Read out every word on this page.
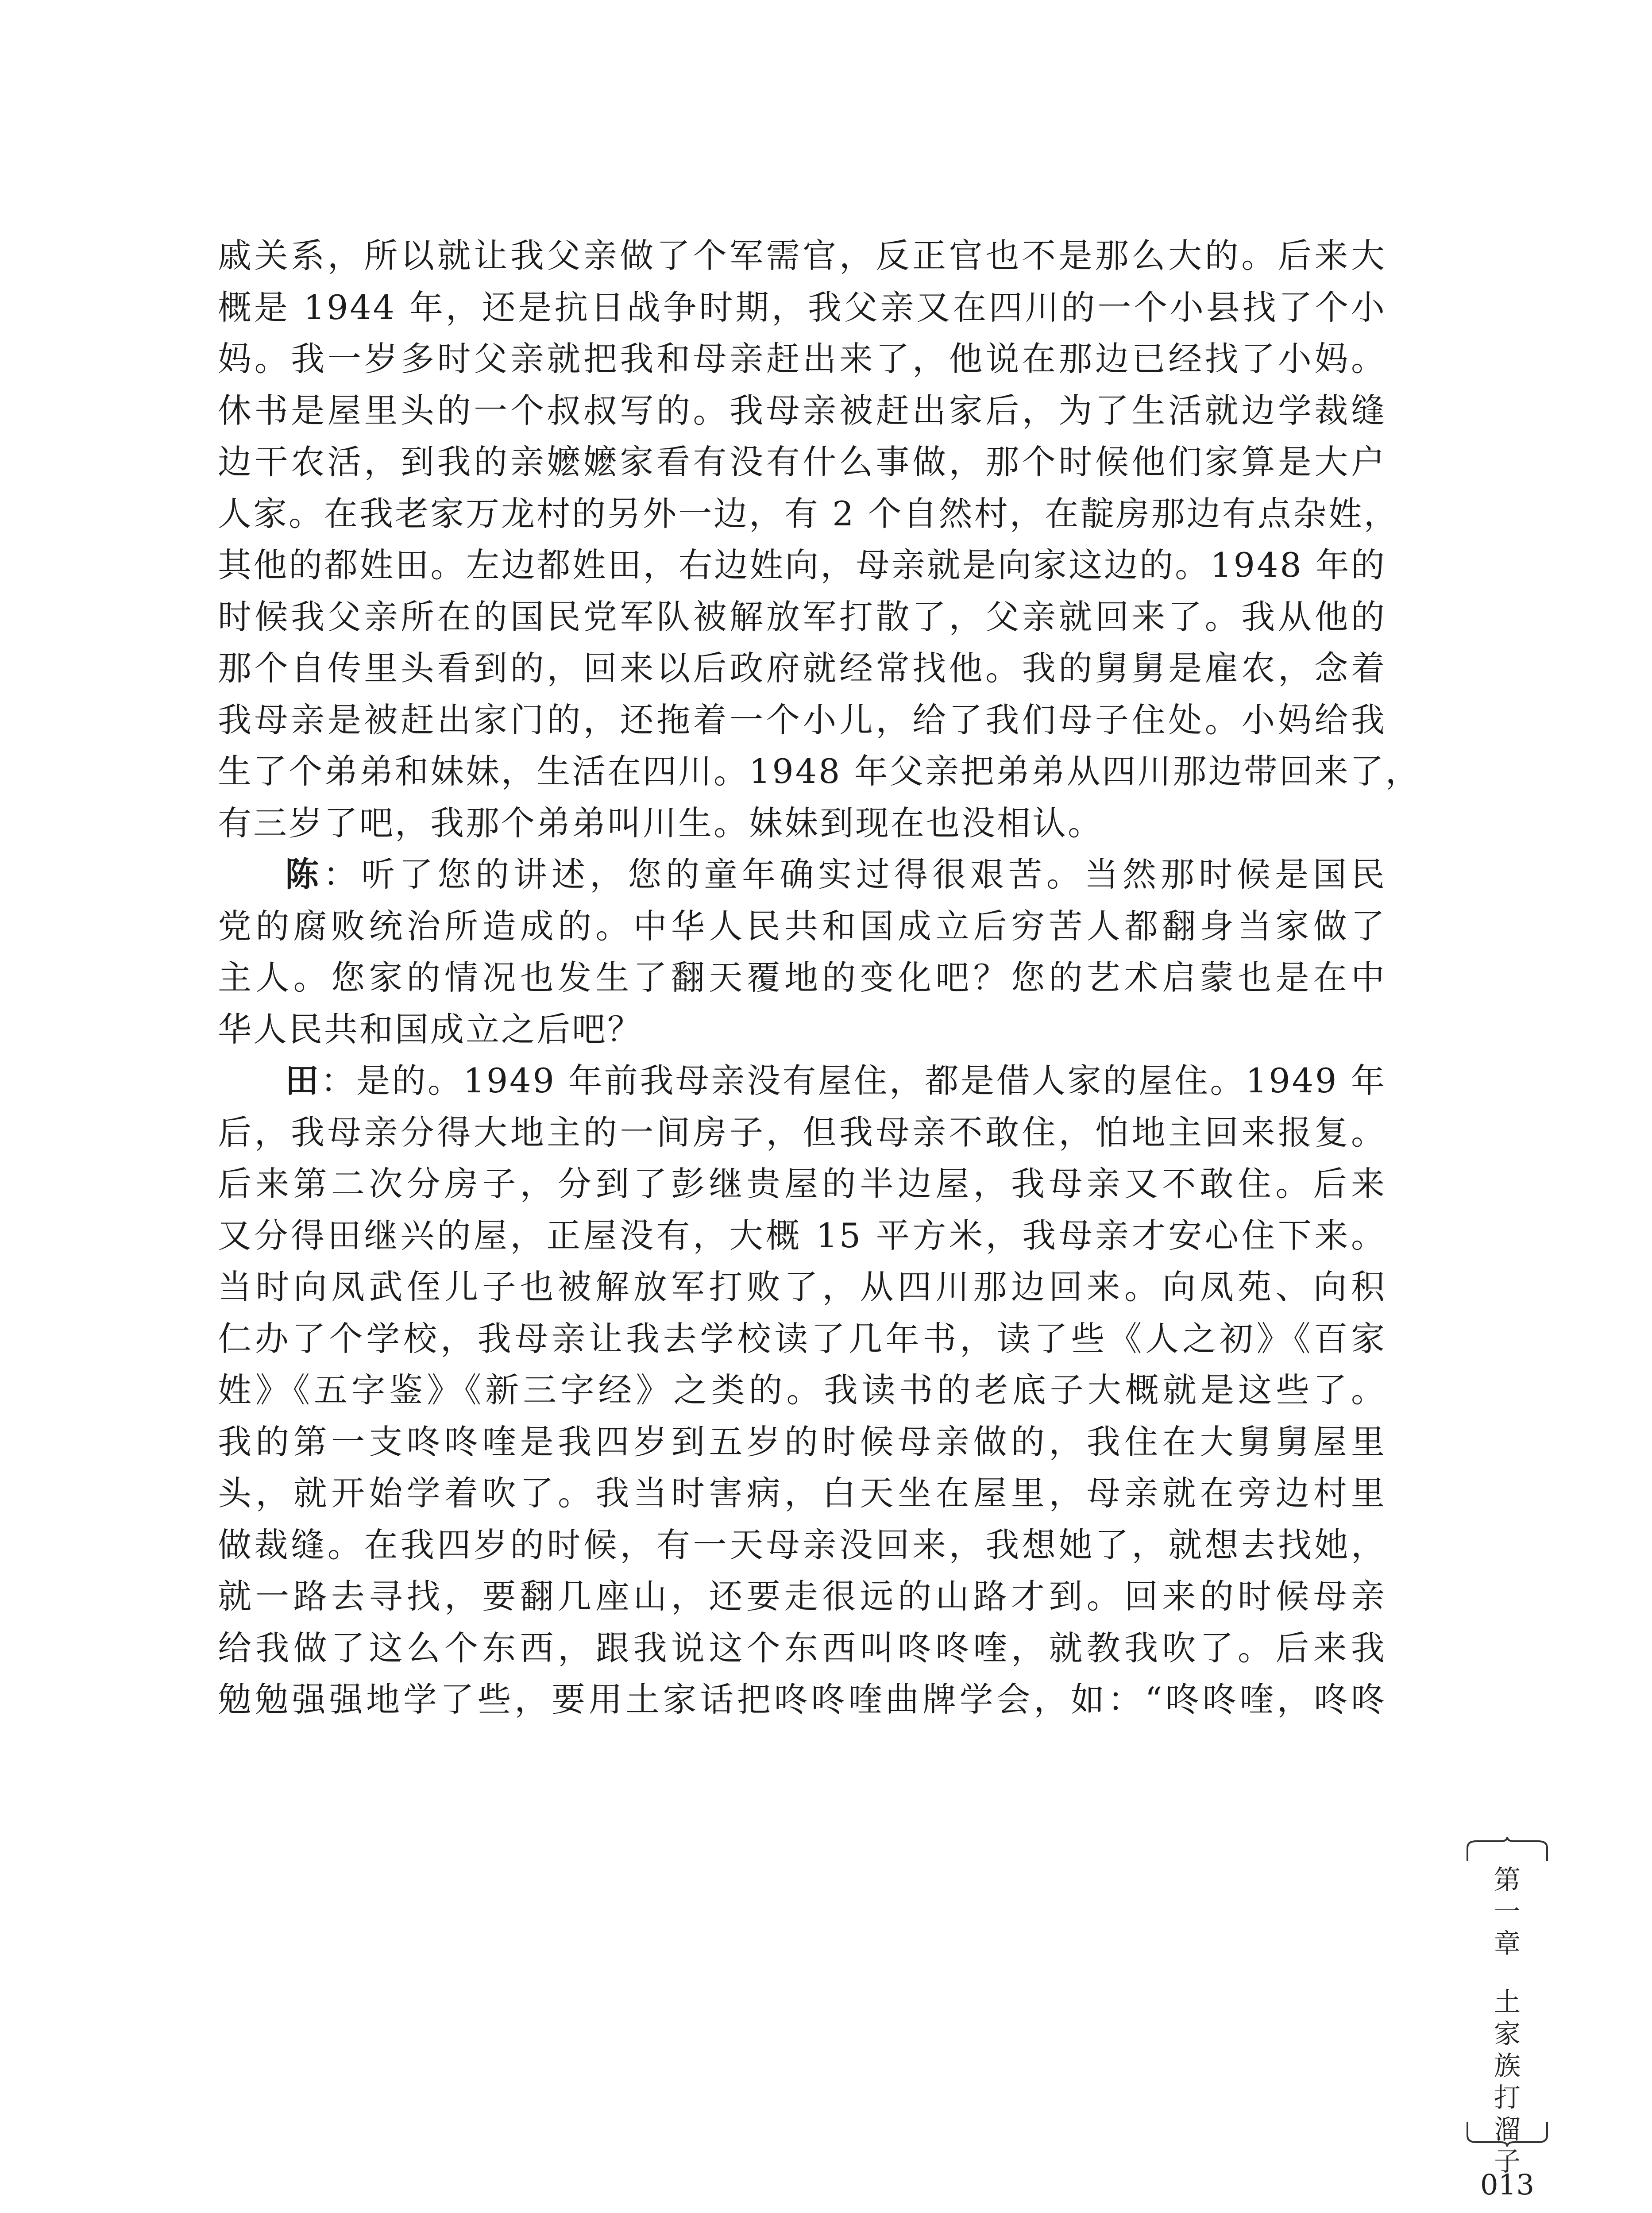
戚关系，所以就让我父亲做了个军需官，反正官也不是那么大的。后来大
概是 1944 年，还是抗日战争时期，我父亲又在四川的一个小县找了个小
妈。我一岁多时父亲就把我和母亲赶出来了，他说在那边已经找了小妈。
休书是屋里头的一个叔叔写的。我母亲被赶出家后，为了生活就边学裁缝
边干农活，到我的亲嬷嬷家看有没有什么事做，那个时候他们家算是大户
人家。在我老家万龙村的另外一边，有 2 个自然村，在靛房那边有点杂姓，
其他的都姓田。左边都姓田，右边姓向，母亲就是向家这边的。1948 年的
时候我父亲所在的国民党军队被解放军打散了，父亲就回来了。我从他的
那个自传里头看到的，回来以后政府就经常找他。我的舅舅是雇农，念着
我母亲是被赶出家门的，还拖着一个小儿，给了我们母子住处。小妈给我
生了个弟弟和妹妹，生活在四川。1948 年父亲把弟弟从四川那边带回来了，
有三岁了吧，我那个弟弟叫川生。妹妹到现在也没相认。
陈：听了您的讲述，您的童年确实过得很艰苦。当然那时候是国民
党的腐败统治所造成的。中华人民共和国成立后穷苦人都翻身当家做了
主人。您家的情况也发生了翻天覆地的变化吧？您的艺术启蒙也是在中
华人民共和国成立之后吧？
田：是的。1949 年前我母亲没有屋住，都是借人家的屋住。1949 年
后，我母亲分得大地主的一间房子，但我母亲不敢住，怕地主回来报复。
后来第二次分房子，分到了彭继贵屋的半边屋，我母亲又不敢住。后来
又分得田继兴的屋，正屋没有，大概 15 平方米，我母亲才安心住下来。
当时向凤武侄儿子也被解放军打败了，从四川那边回来。向凤苑、向积
仁办了个学校，我母亲让我去学校读了几年书，读了些《人之初》《百家
姓》《五字鉴》《新三字经》之类的。我读书的老底子大概就是这些了。
我的第一支咚咚喹是我四岁到五岁的时候母亲做的，我住在大舅舅屋里
头，就开始学着吹了。我当时害病，白天坐在屋里，母亲就在旁边村里
做裁缝。在我四岁的时候，有一天母亲没回来，我想她了，就想去找她，
就一路去寻找，要翻几座山，还要走很远的山路才到。回来的时候母亲
给我做了这么个东西，跟我说这个东西叫咚咚喹，就教我吹了。后来我
勉勉强强地学了些，要用土家话把咚咚喹曲牌学会，如：“咚咚喹，咚咚
第
一
章
土
家
族
打
溜
子
013
